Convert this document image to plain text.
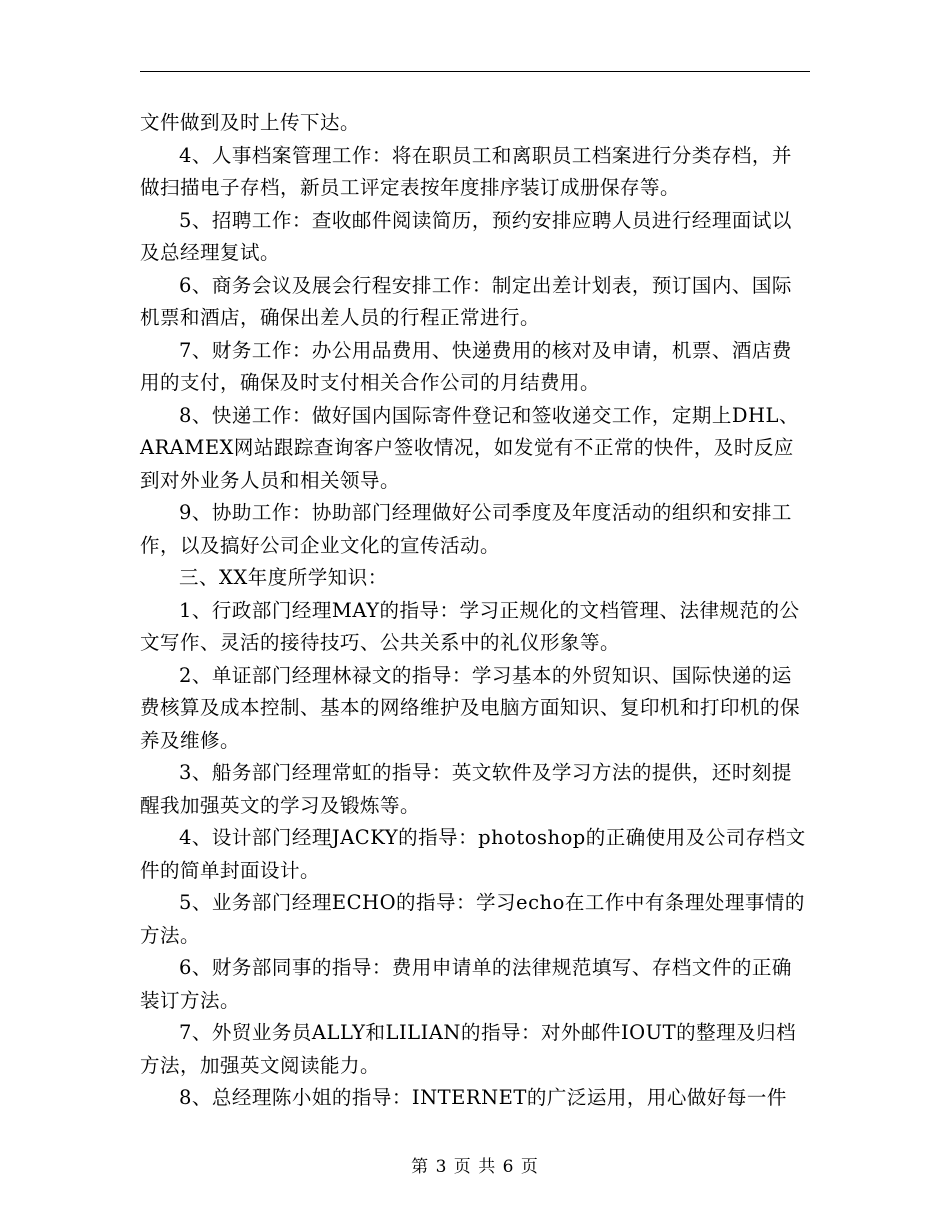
文件做到及时上传下达。

4、人事档案管理工作：将在职员工和离职员工档案进行分类存档，并做扫描电子存档，新员工评定表按年度排序装订成册保存等。

5、招聘工作：查收邮件阅读简历，预约安排应聘人员进行经理面试以及总经理复试。

6、商务会议及展会行程安排工作：制定出差计划表，预订国内、国际机票和酒店，确保出差人员的行程正常进行。

7、财务工作：办公用品费用、快递费用的核对及申请，机票、酒店费用的支付，确保及时支付相关合作公司的月结费用。

8、快递工作：做好国内国际寄件登记和签收递交工作，定期上DHL、ARAMEX网站跟踪查询客户签收情况，如发觉有不正常的快件，及时反应到对外业务人员和相关领导。

9、协助工作：协助部门经理做好公司季度及年度活动的组织和安排工作，以及搞好公司企业文化的宣传活动。

三、XX年度所学知识：

1、行政部门经理MAY的指导：学习正规化的文档管理、法律规范的公文写作、灵活的接待技巧、公共关系中的礼仪形象等。

2、单证部门经理林禄文的指导：学习基本的外贸知识、国际快递的运费核算及成本控制、基本的网络维护及电脑方面知识、复印机和打印机的保养及维修。

3、船务部门经理常虹的指导：英文软件及学习方法的提供，还时刻提醒我加强英文的学习及锻炼等。

4、设计部门经理JACKY的指导：photoshop的正确使用及公司存档文件的简单封面设计。

5、业务部门经理ECHO的指导：学习echo在工作中有条理处理事情的方法。

6、财务部同事的指导：费用申请单的法律规范填写、存档文件的正确装订方法。

7、外贸业务员ALLY和LILIAN的指导：对外邮件IOUT的整理及归档方法，加强英文阅读能力。

8、总经理陈小姐的指导：INTERNET的广泛运用，用心做好每一件

第 3 页 共 6 页
